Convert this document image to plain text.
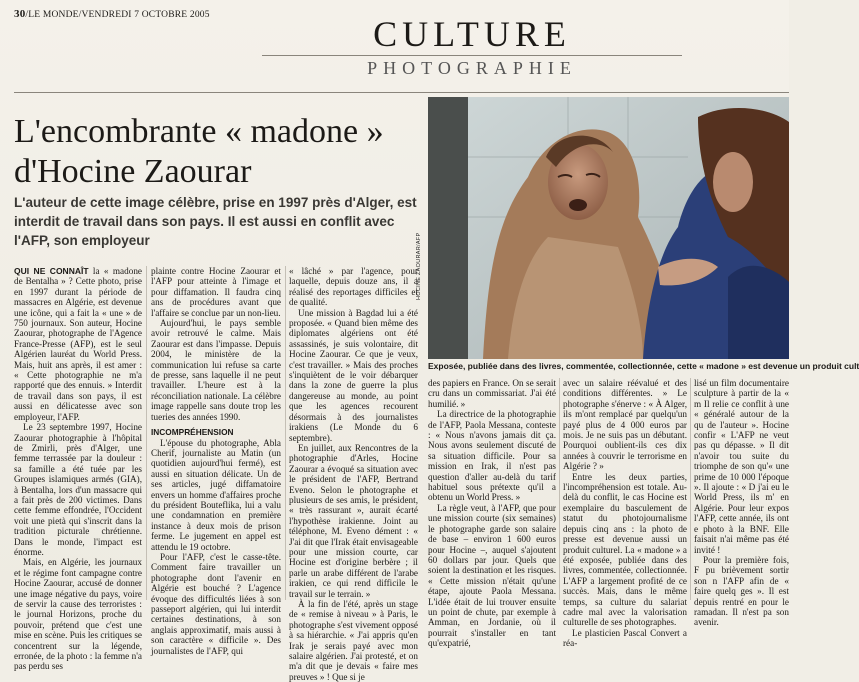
30/LE MONDE/VENDREDI 7 OCTOBRE 2005	CULTURE
PHOTOGRAPHIE
L'encombrante « madone »
d'Hocine Zaourar
L'auteur de cette image célèbre, prise en 1997 près d'Alger, est interdit de travail dans son pays. Il est aussi en conflit avec l'AFP, son employeur	HOCINE ZAOURAR/AFP
Exposée, publiée dans des livres, commentée, collectionnée, cette « madone » est devenue un produit cult

QUI NE CONNAÎT la « madone de Bentalha » ? Cette photo, prise en 1997 durant la période de massacres en Algérie, est devenue une icône, qui a fait la « une » de 750 journaux. Son auteur, Hocine Zaourar, photographe de l'Agence France-Presse (AFP), est le seul Algérien lauréat du World Press. Mais, huit ans après, il est amer : « Cette photographie ne m'a rapporté que des ennuis. » Interdit de travail dans son pays, il est aussi en délicatesse avec son employeur, l'AFP.

Le 23 septembre 1997, Hocine Zaourar photographie à l'hôpital de Zmirli, près d'Alger, une femme terrassée par la douleur : sa famille a été tuée par les Groupes islamiques armés (GIA), à Bentalha, lors d'un massacre qui a fait près de 200 victimes. Dans cette femme effondrée, l'Occident voit une pietà qui s'inscrit dans la tradition picturale chrétienne. Dans le monde, l'impact est énorme.

Mais, en Algérie, les journaux et le régime font campagne contre Hocine Zaourar, accusé de donner une image négative du pays, voire de servir la cause des terroristes : le journal Horizons, proche du pouvoir, prétend que c'est une mise en scène. Puis les critiques se concentrent sur la légende, erronée, de la photo : la femme n'a pas perdu ses

plainte contre Hocine Zaourar et l'AFP pour atteinte à l'image et pour diffamation. Il faudra cinq ans de procédures avant que l'affaire se conclue par un non-lieu.

Aujourd'hui, le pays semble avoir retrouvé le calme. Mais Zaourar est dans l'impasse. Depuis 2004, le ministère de la communication lui refuse sa carte de presse, sans laquelle il ne peut travailler. L'heure est à la réconciliation nationale. La célèbre image rappelle sans doute trop les tueries des années 1990.

INCOMPRÉHENSION

L'épouse du photographe, Abla Cherif, journaliste au Matin (un quotidien aujourd'hui fermé), est aussi en situation délicate. Un de ses articles, jugé diffamatoire envers un homme d'affaires proche du président Bouteflika, lui a valu une condamnation en première instance à deux mois de prison ferme. Le jugement en appel est attendu le 19 octobre.

Pour l'AFP, c'est le casse-tête. Comment faire travailler un photographe dont l'avenir en Algérie est bouché ? L'agence évoque des difficultés liées à son passeport algérien, qui lui interdit certaines destinations, à son anglais approximatif, mais aussi à son caractère « difficile ». Des journalistes de l'AFP, qui

« lâché » par l'agence, pour laquelle, depuis douze ans, il a réalisé des reportages difficiles et de qualité.

Une mission à Bagdad lui a été proposée. « Quand bien même des diplomates algériens ont été assassinés, je suis volontaire, dit Hocine Zaourar. Ce que je veux, c'est travailler. » Mais des proches s'inquiètent de le voir débarquer dans la zone de guerre la plus dangereuse au monde, au point que les agences recourent désormais à des journalistes irakiens (Le Monde du 6 septembre).

En juillet, aux Rencontres de la photographie d'Arles, Hocine Zaourar a évoqué sa situation avec le président de l'AFP, Bertrand Eveno. Selon le photographe et plusieurs de ses amis, le président, « très rassurant », aurait écarté l'hypothèse irakienne. Joint au téléphone, M. Eveno dément : « J'ai dit que l'Irak était envisageable pour une mission courte, car Hocine est d'origine berbère ; il parle un arabe différent de l'arabe irakien, ce qui rend difficile le travail sur le terrain. »

À la fin de l'été, après un stage de « remise à niveau » à Paris, le photographe s'est vivement opposé à sa hiérarchie. « J'ai appris qu'en Irak je serais payé avec mon salaire algérien. J'ai protesté, et on m'a dit que je devais « faire mes preuves » ! Que si je

des papiers en France. On se serait cru dans un commissariat. J'ai été humilié. »

La directrice de la photographie de l'AFP, Paola Messana, conteste : « Nous n'avons jamais dit ça. Nous avons seulement discuté de sa situation difficile. Pour sa mission en Irak, il n'est pas question d'aller au-delà du tarif habituel sous prétexte qu'il a obtenu un World Press. »

La règle veut, à l'AFP, que pour une mission courte (six semaines) le photographe garde son salaire de base – environ 1 600 euros pour Hocine –, auquel s'ajoutent 60 dollars par jour. Quels que soient la destination et les risques. « Cette mission n'était qu'une étape, ajoute Paola Messana. L'idée était de lui trouver ensuite un point de chute, par exemple à Amman, en Jordanie, où il pourrait s'installer en tant qu'expatrié,

avec un salaire réévalué et des conditions différentes. » Le photographe s'énerve : « À Alger, ils m'ont remplacé par quelqu'un payé plus de 4 000 euros par mois. Je ne suis pas un débutant. Pourquoi oublient-ils ces dix années à couvrir le terrorisme en Algérie ? »

Entre les deux parties, l'incompréhension est totale. Au-delà du conflit, le cas Hocine est exemplaire du basculement de statut du photojournalisme depuis cinq ans : la photo de presse est devenue aussi un produit culturel. La « madone » a été exposée, publiée dans des livres, commentée, collectionnée. L'AFP a largement profité de ce succès. Mais, dans le même temps, sa culture du salariat cadre mal avec la valorisation culturelle de ses photographes.

Le plasticien Pascal Convert a réa-

lisé un film documentaire sculpture à partir de la « m Il relie ce conflit à une « généralé autour de la qu de l'auteur ». Hocine confir « L'AFP ne veut pas qu dépasse. » Il dit n'avoir tou suite du triomphe de son qu'« une prime de 10 000 l'époque ». Il ajoute : « D j'ai eu le World Press, ils m' en Algérie. Pour leur expos l'AFP, cette année, ils ont e photo à la BNF. Elle faisait n'ai même pas été invité !

Pour la première fois, F pu brièvement sortir son n l'AFP afin de « faire quelq ges ». Il est depuis rentré en pour le ramadan. Il n'est pa son avenir.
